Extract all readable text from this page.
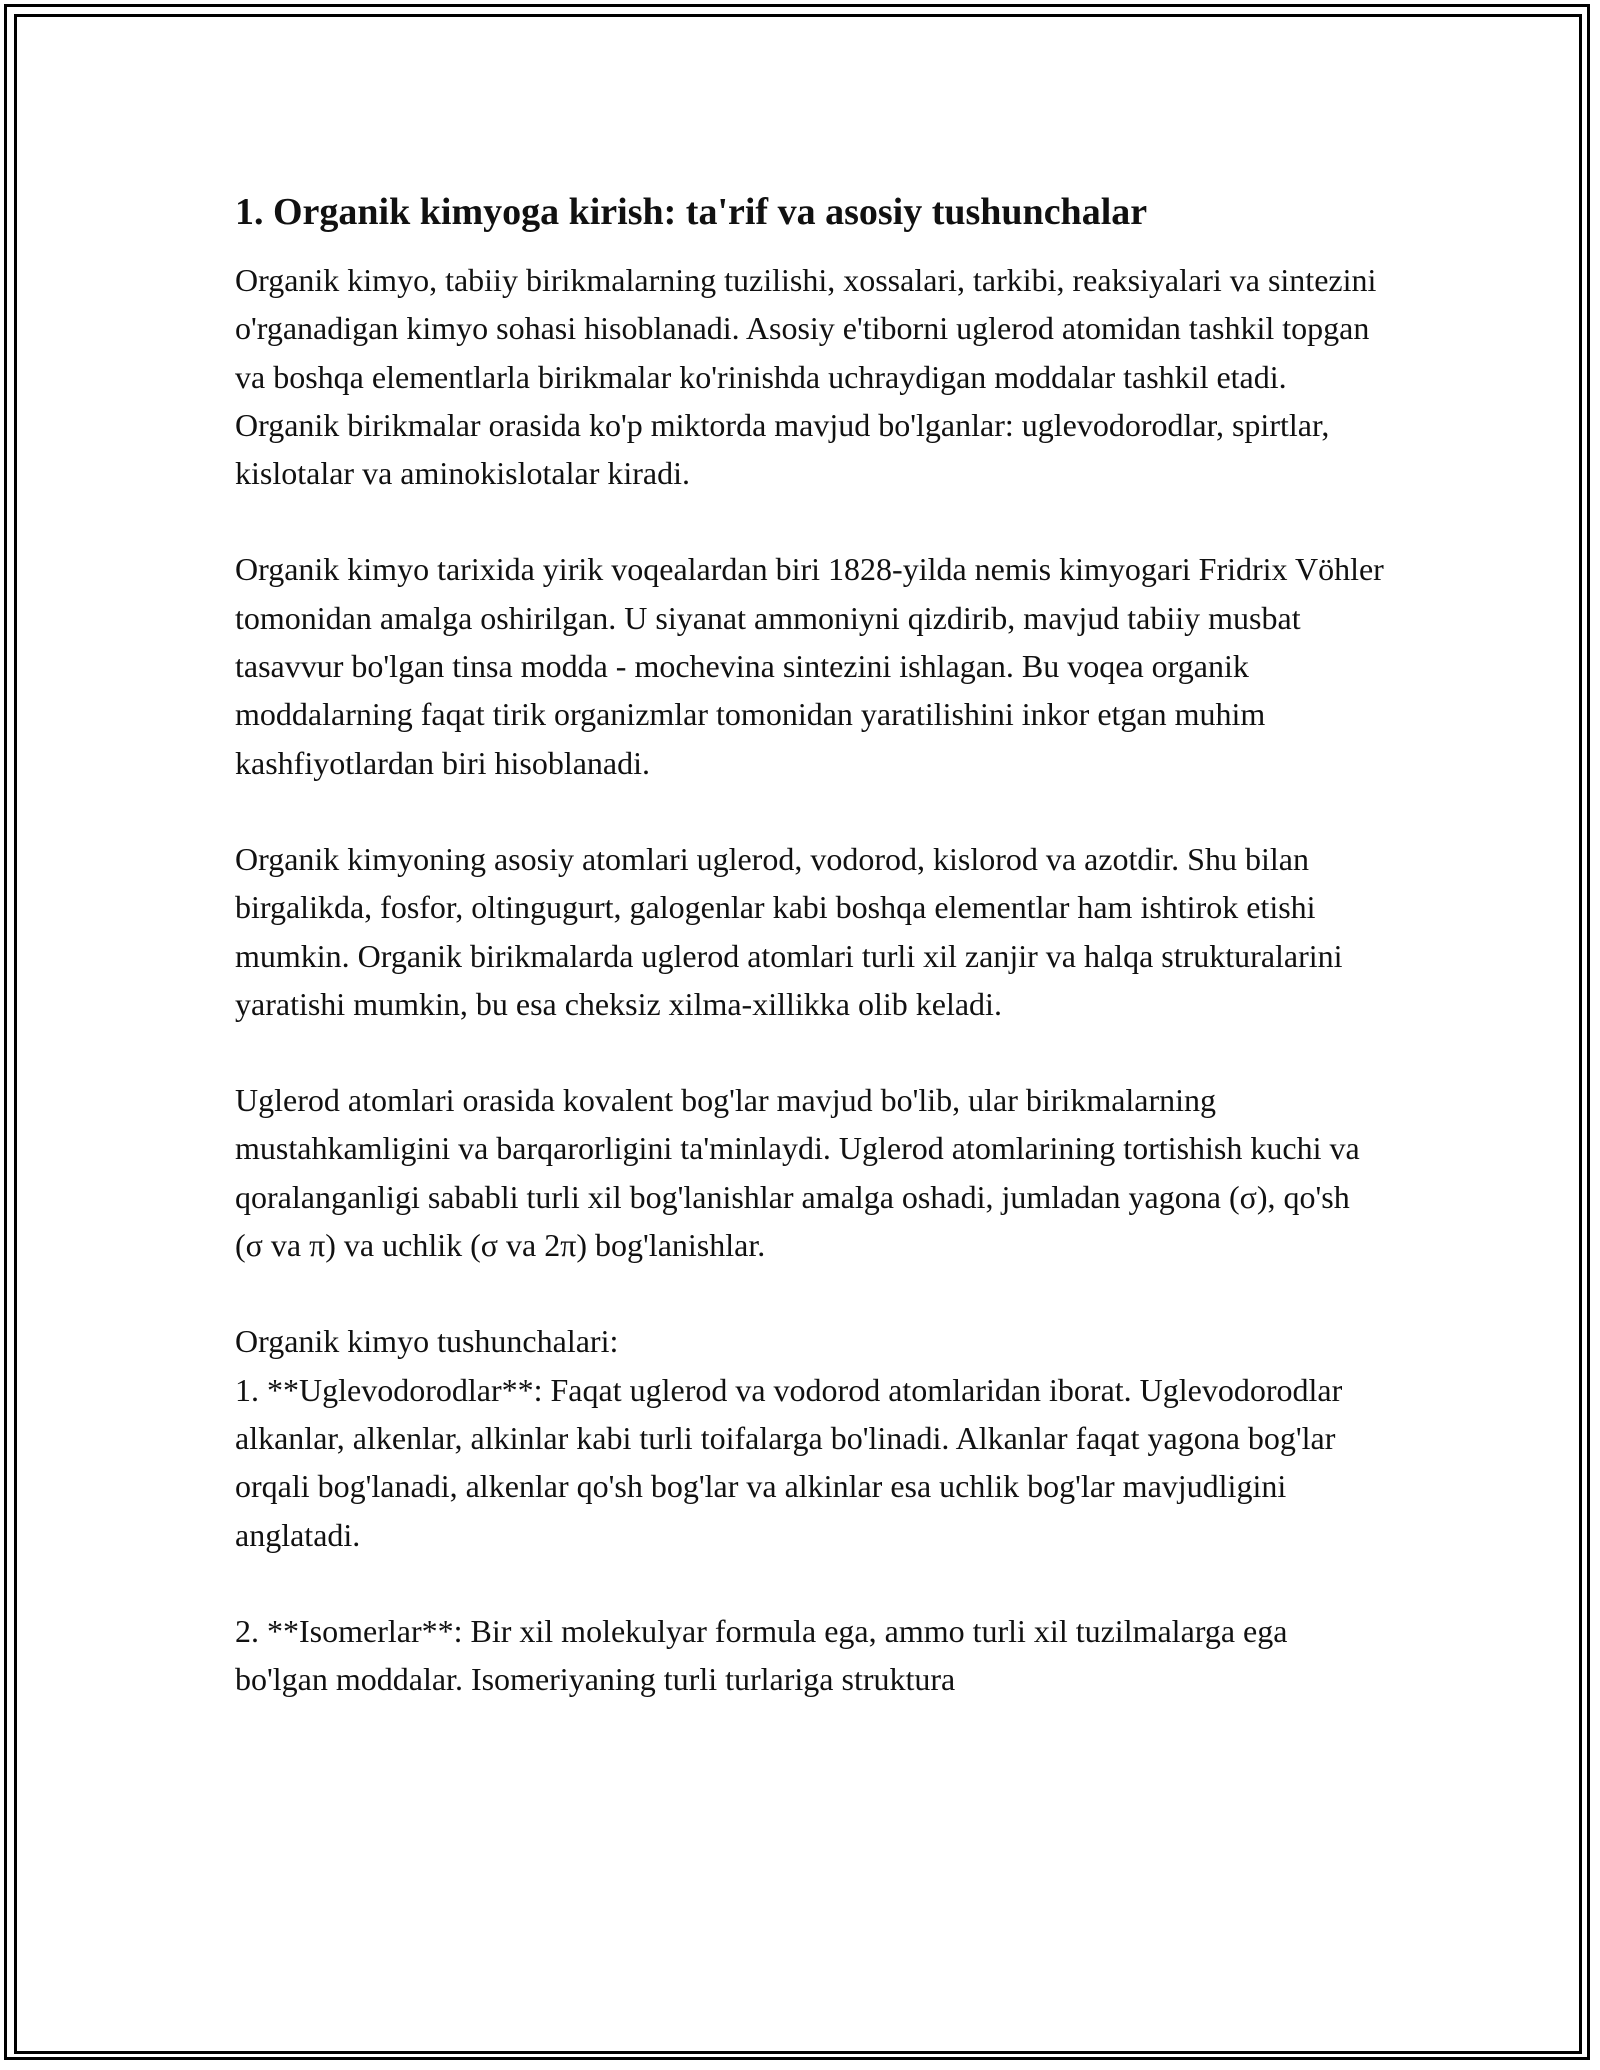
1. Organik kimyoga kirish: ta'rif va asosiy tushunchalar

Organik kimyo, tabiiy birikmalarning tuzilishi, xossalari, tarkibi, reaksiyalari va sintezini o'rganadigan kimyo sohasi hisoblanadi. Asosiy e'tiborni uglerod atomidan tashkil topgan va boshqa elementlarla birikmalar ko'rinishda uchraydigan moddalar tashkil etadi. Organik birikmalar orasida ko'p miktorda mavjud bo'lganlar: uglevodorodlar, spirtlar, kislotalar va aminokislotalar kiradi.

Organik kimyo tarixida yirik voqealardan biri 1828-yilda nemis kimyogari Fridrix Vöhler tomonidan amalga oshirilgan. U siyanat ammoniyni qizdirib, mavjud tabiiy musbat tasavvur bo'lgan tinsa modda - mochevina sintezini ishlagan. Bu voqea organik moddalarning faqat tirik organizmlar tomonidan yaratilishini inkor etgan muhim kashfiyotlardan biri hisoblanadi.

Organik kimyoning asosiy atomlari uglerod, vodorod, kislorod va azotdir. Shu bilan birgalikda, fosfor, oltingugurt, galogenlar kabi boshqa elementlar ham ishtirok etishi mumkin. Organik birikmalarda uglerod atomlari turli xil zanjir va halqa strukturalarini yaratishi mumkin, bu esa cheksiz xilma-xillikka olib keladi.

Uglerod atomlari orasida kovalent bog'lar mavjud bo'lib, ular birikmalarning mustahkamligini va barqarorligini ta'minlaydi. Uglerod atomlarining tortishish kuchi va qoralanganligi sababli turli xil bog'lanishlar amalga oshadi, jumladan yagona (σ), qo'sh (σ va π) va uchlik (σ va 2π) bog'lanishlar.

Organik kimyo tushunchalari:

1. **Uglevodorodlar**: Faqat uglerod va vodorod atomlaridan iborat. Uglevodorodlar alkanlar, alkenlar, alkinlar kabi turli toifalarga bo'linadi. Alkanlar faqat yagona bog'lar orqali bog'lanadi, alkenlar qo'sh bog'lar va alkinlar esa uchlik bog'lar mavjudligini anglatadi.

2. **Isomerlar**: Bir xil molekulyar formula ega, ammo turli xil tuzilmalarga ega bo'lgan moddalar. Isomeriyaning turli turlariga struktura
